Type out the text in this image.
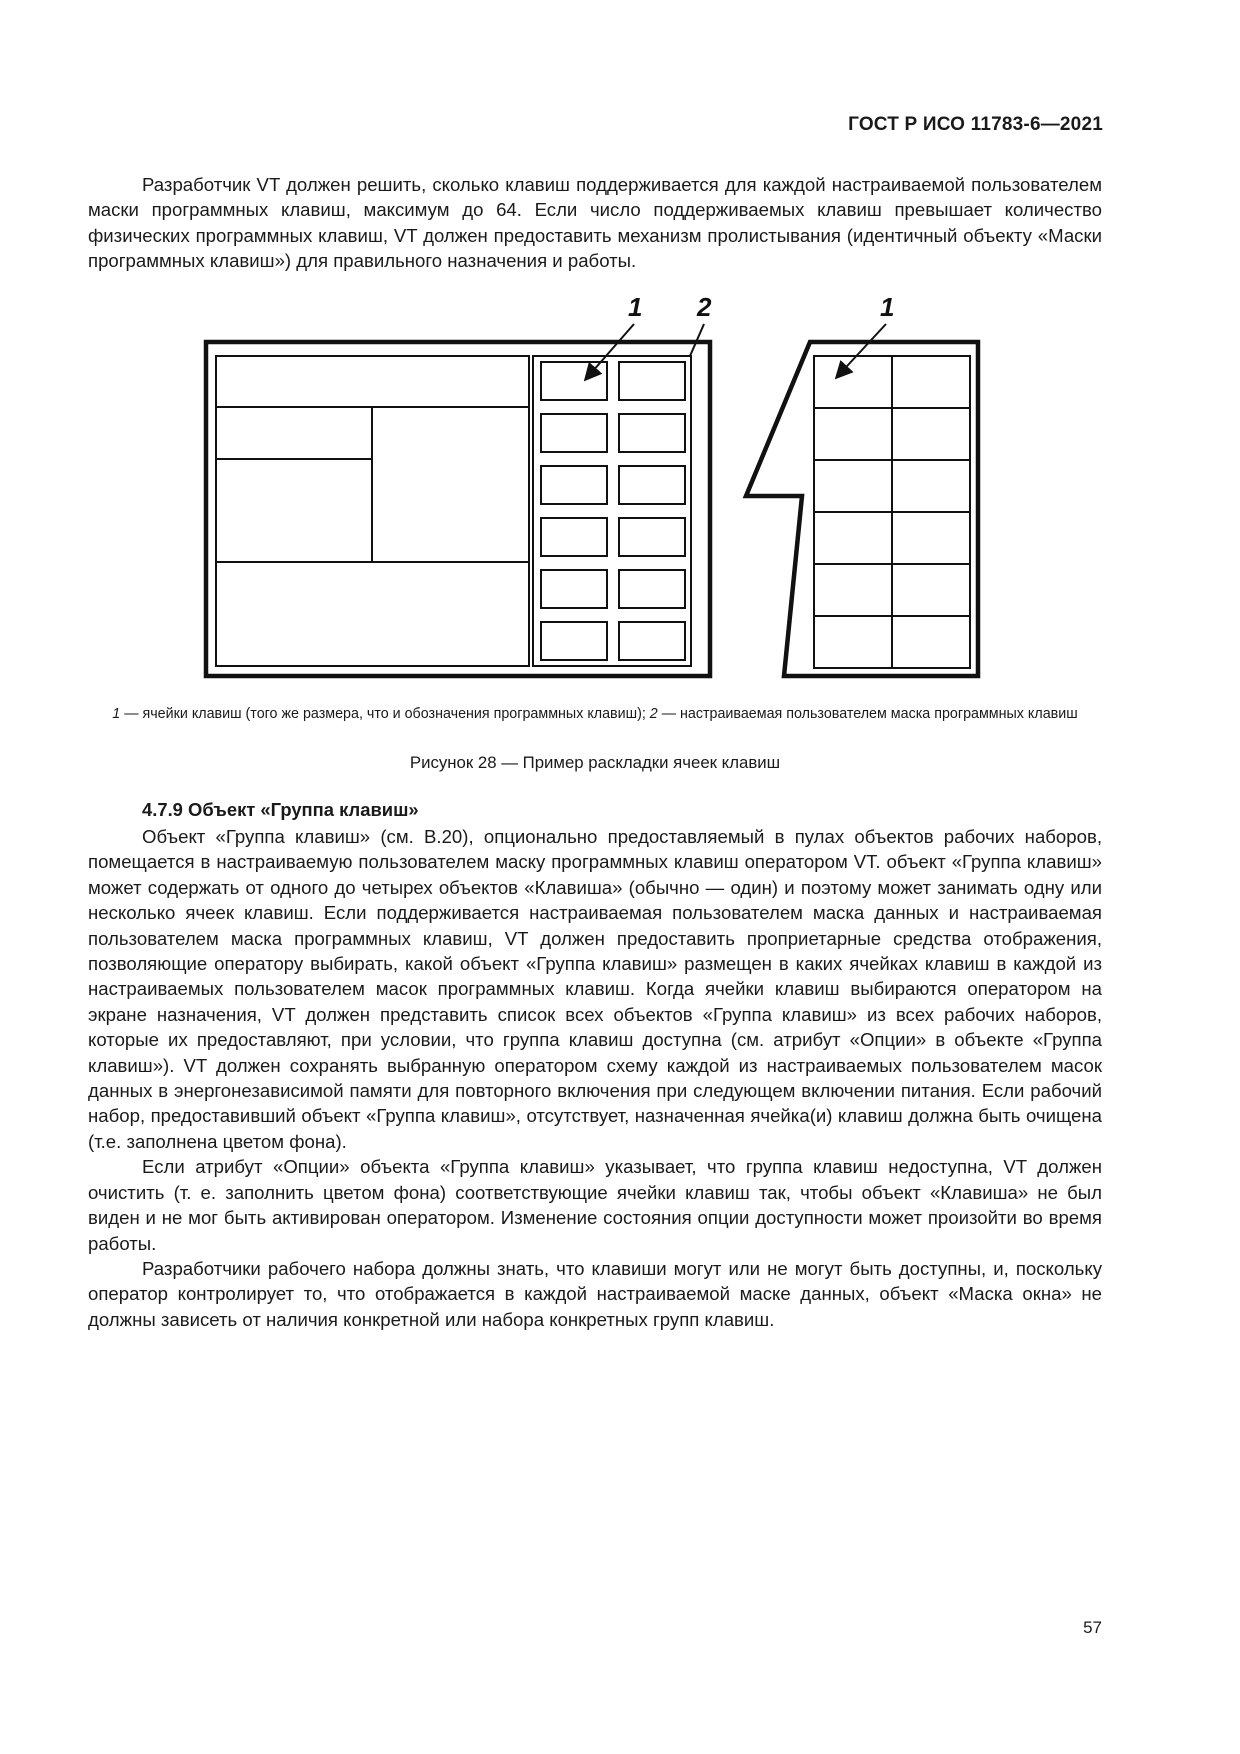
ГОСТ Р ИСО 11783-6—2021

Разработчик VT должен решить, сколько клавиш поддерживается для каждой настраиваемой пользователем маски программных клавиш, максимум до 64. Если число поддерживаемых клавиш превышает количество физических программных клавиш, VT должен предоставить механизм пролистывания (идентичный объекту «Маски программных клавиш») для правильного назначения и работы.

1 2	1
1 — ячейки клавиш (того же размера, что и обозначения программных клавиш); 2 — настраиваемая пользователем маска программных клавиш
Рисунок 28 — Пример раскладки ячеек клавиш
4.7.9 Объект «Группа клавиш»

Объект «Группа клавиш» (см. В.20), опционально предоставляемый в пулах объектов рабочих наборов, помещается в настраиваемую пользователем маску программных клавиш оператором VT. объект «Группа клавиш» может содержать от одного до четырех объектов «Клавиша» (обычно — один) и поэтому может занимать одну или несколько ячеек клавиш. Если поддерживается настраиваемая пользователем маска данных и настраиваемая пользователем маска программных клавиш, VT должен предоставить проприетарные средства отображения, позволяющие оператору выбирать, какой объект «Группа клавиш» размещен в каких ячейках клавиш в каждой из настраиваемых пользователем масок программных клавиш. Когда ячейки клавиш выбираются оператором на экране назначения, VT должен представить список всех объектов «Группа клавиш» из всех рабочих наборов, которые их предоставляют, при условии, что группа клавиш доступна (см. атрибут «Опции» в объекте «Группа клавиш»). VT должен сохранять выбранную оператором схему каждой из настраиваемых пользователем масок данных в энергонезависимой памяти для повторного включения при следующем включении питания. Если рабочий набор, предоставивший объект «Группа клавиш», отсутствует, назначенная ячейка(и) клавиш должна быть очищена (т.е. заполнена цветом фона).

Если атрибут «Опции» объекта «Группа клавиш» указывает, что группа клавиш недоступна, VT должен очистить (т. е. заполнить цветом фона) соответствующие ячейки клавиш так, чтобы объект «Клавиша» не был виден и не мог быть активирован оператором. Изменение состояния опции доступности может произойти во время работы.

Разработчики рабочего набора должны знать, что клавиши могут или не могут быть доступны, и, поскольку оператор контролирует то, что отображается в каждой настраиваемой маске данных, объект «Маска окна» не должны зависеть от наличия конкретной или набора конкретных групп клавиш.

57
